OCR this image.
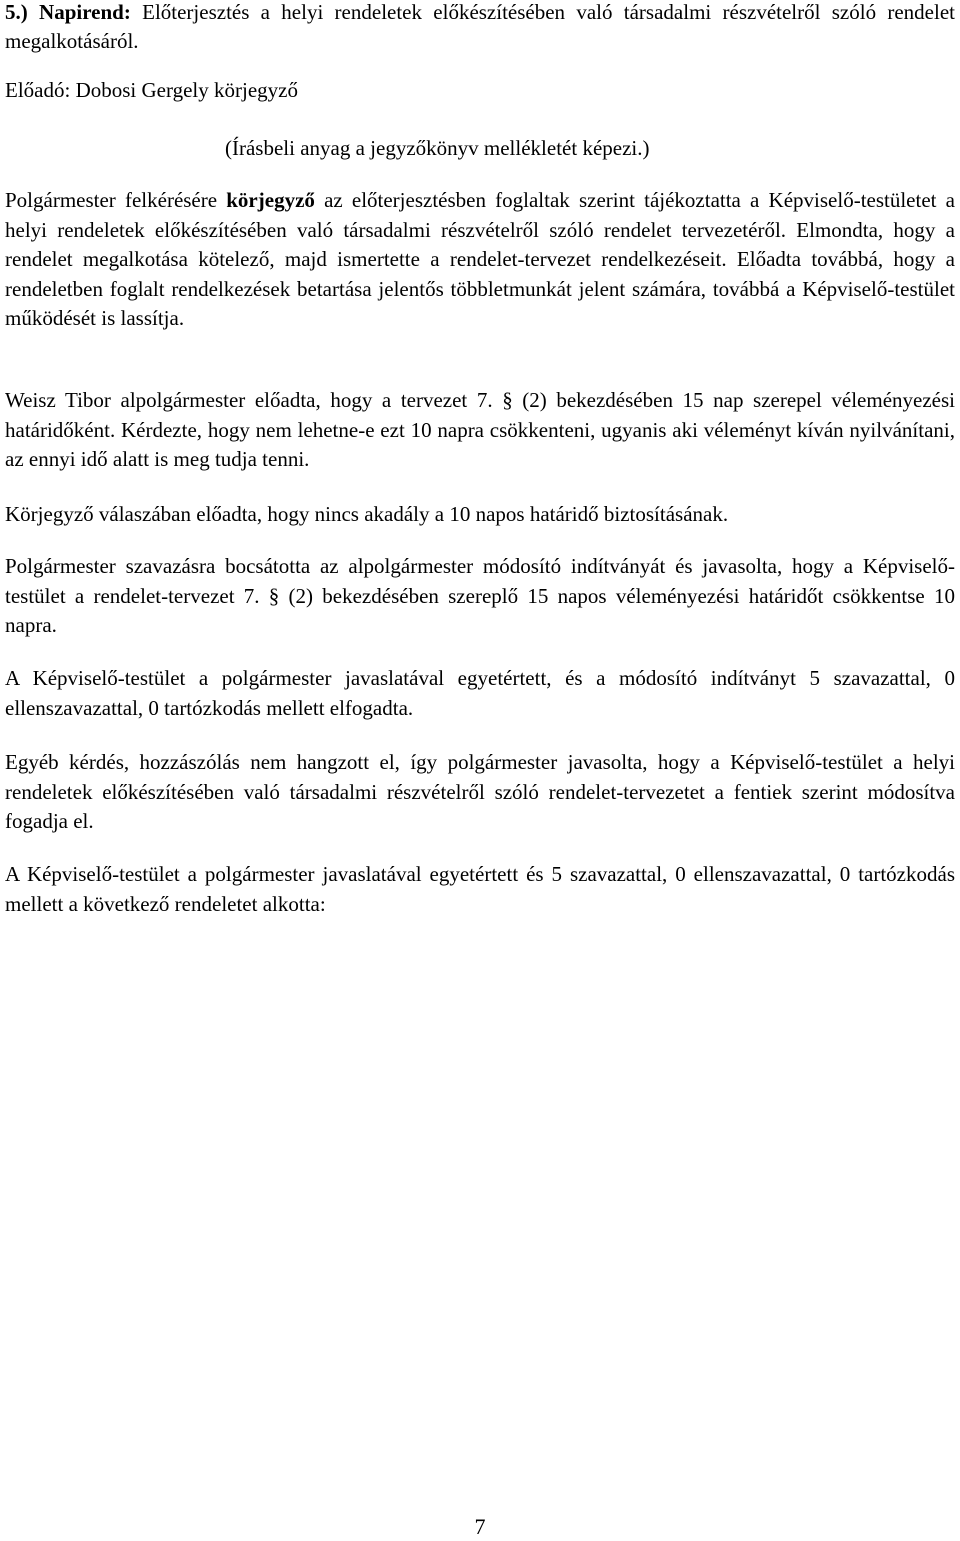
5.) Napirend: Előterjesztés a helyi rendeletek előkészítésében való társadalmi részvételről szóló rendelet megalkotásáról.

Előadó: Dobosi Gergely körjegyző

(Írásbeli anyag a jegyzőkönyv mellékletét képezi.)

Polgármester felkérésére körjegyző az előterjesztésben foglaltak szerint tájékoztatta a Képviselő-testületet a helyi rendeletek előkészítésében való társadalmi részvételről szóló rendelet tervezetéről. Elmondta, hogy a rendelet megalkotása kötelező, majd ismertette a rendelet-tervezet rendelkezéseit. Előadta továbbá, hogy a rendeletben foglalt rendelkezések betartása jelentős többletmunkát jelent számára, továbbá a Képviselő-testület működését is lassítja.

Weisz Tibor alpolgármester előadta, hogy a tervezet 7. § (2) bekezdésében 15 nap szerepel véleményezési határidőként. Kérdezte, hogy nem lehetne-e ezt 10 napra csökkenteni, ugyanis aki véleményt kíván nyilvánítani, az ennyi idő alatt is meg tudja tenni.

Körjegyző válaszában előadta, hogy nincs akadály a 10 napos határidő biztosításának.

Polgármester szavazásra bocsátotta az alpolgármester módosító indítványát és javasolta, hogy a Képviselő-testület a rendelet-tervezet 7. § (2) bekezdésében szereplő 15 napos véleményezési határidőt csökkentse 10 napra.

A Képviselő-testület a polgármester javaslatával egyetértett, és a módosító indítványt 5 szavazattal, 0 ellenszavazattal, 0 tartózkodás mellett elfogadta.

Egyéb kérdés, hozzászólás nem hangzott el, így polgármester javasolta, hogy a Képviselő-testület a helyi rendeletek előkészítésében való társadalmi részvételről szóló rendelet-tervezetet a fentiek szerint módosítva fogadja el.

A Képviselő-testület a polgármester javaslatával egyetértett és 5 szavazattal, 0 ellenszavazattal, 0 tartózkodás mellett a következő rendeletet alkotta:

7
